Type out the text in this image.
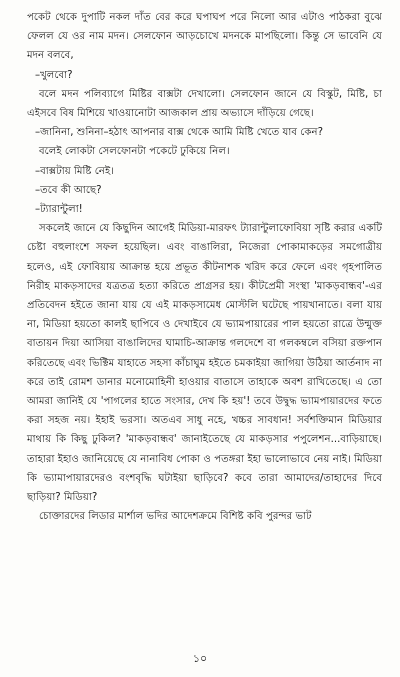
পকেট থেকে দুপাটি নকল দাঁত বের করে ঘপাঘপ পরে নিলো আর এটাও পাঠকরা বুঝে ফেলল যে ওর নাম মদন। সেলফোন আড়চোখে মদনকে মাপছিলো। কিন্তু সে ভাবেনি যে মদন বলবে,

–খুলবো?

বলে মদন পলিব্যাগে মিষ্টির বাক্সটা দেখালো। সেলফোন জানে যে বিস্কুট, মিষ্টি, চা এইসবে বিষ মিশিয়ে খাওয়ানোটা আজকাল প্রায় অভ্যাসে দাঁড়িয়ে গেছে।

–জানিনা, শুনিনা–হঠাৎ আপনার বাক্স থেকে আমি মিষ্টি খেতে যাব কেন?

বলেই লোকটা সেলফোনটা পকেটে ঢুকিয়ে নিল।

–বাক্সটায় মিষ্টি নেই।

–তবে কী আছে?

–ট্যারান্টুলা!

সকলেই জানে যে কিছুদিন আগেই মিডিয়া-মারফৎ ট্যারান্টুলাফোবিয়া সৃষ্টি করার একটি চেষ্টা বহুলাংশে সফল হয়েছিল। এবং বাঙালিরা, নিজেরা পোকামাকড়ের সমগোত্রীয় হলেও, এই ফোবিয়ায় আক্রান্ত হয়ে প্রভূত কীটনাশক খরিদ করে ফেলে এবং গৃহপালিত নিরীহ মাকড়সাদের যত্রতত্র হত্যা করিতে প্রাগ্রসর হয়। কীটপ্রেমী সংস্থা 'মাকড়বান্ধব'-এর প্রতিবেদন হইতে জানা যায় যে এই মাকড়সামেধ মোস্টলি ঘটেছে পায়খানাতে। বলা যায় না, মিডিয়া হয়তো কালই ছাপিবে ও দেখাইবে যে ভ্যামপায়ারের পাল হয়তো রাত্রে উন্মুক্ত বাতায়ন দিয়া আসিয়া বাঙালিদের ঘামাচি-আক্রান্ত গলদেশে বা গলকম্বলে বসিয়া রক্তপান করিতেছে এবং ভিক্টিম যাহাতে সহসা কাঁচাঘুম হইতে চমকাইয়া জাগিয়া উঠিয়া আর্তনাদ না করে তাই রোমশ ডানার মনোমোহিনী হাওয়ার বাতাসে তাহাকে অবশ রাখিতেছে। এ তো আমরা জানিই যে 'পাগলের হাতে সংসার, দেখ কি হয়'! তবে উদ্বুদ্ধ ভ্যামপায়ারদের ফতে করা সহজ নয়। ইহাই ভরসা। অতএব সাধু নহে, খচ্চর সাবধান! সর্বশক্তিমান মিডিয়ার মাথায় কি কিছু ঢুকিল? 'মাকড়বান্ধব' জানাইতেছে যে মাকড়সার পপুলেশন...বাড়িয়াছে। তাহারা ইহাও জানিয়েছে যে নানাবিধ পোকা ও পতঙ্গরা ইহা ভালোভাবে নেয় নাই। মিডিয়া কি ভ্যামাপায়ারদেরও বংশবৃদ্ধি ঘটাইয়া ছাড়িবে? কবে তারা আমাদের/তাহাদের দিবে ছাড়িয়া? মিডিয়া?

চোক্তারদের লিডার মার্শাল ভদির আদেশক্রমে বিশিষ্ট কবি পুরন্দর ভাট

১০
